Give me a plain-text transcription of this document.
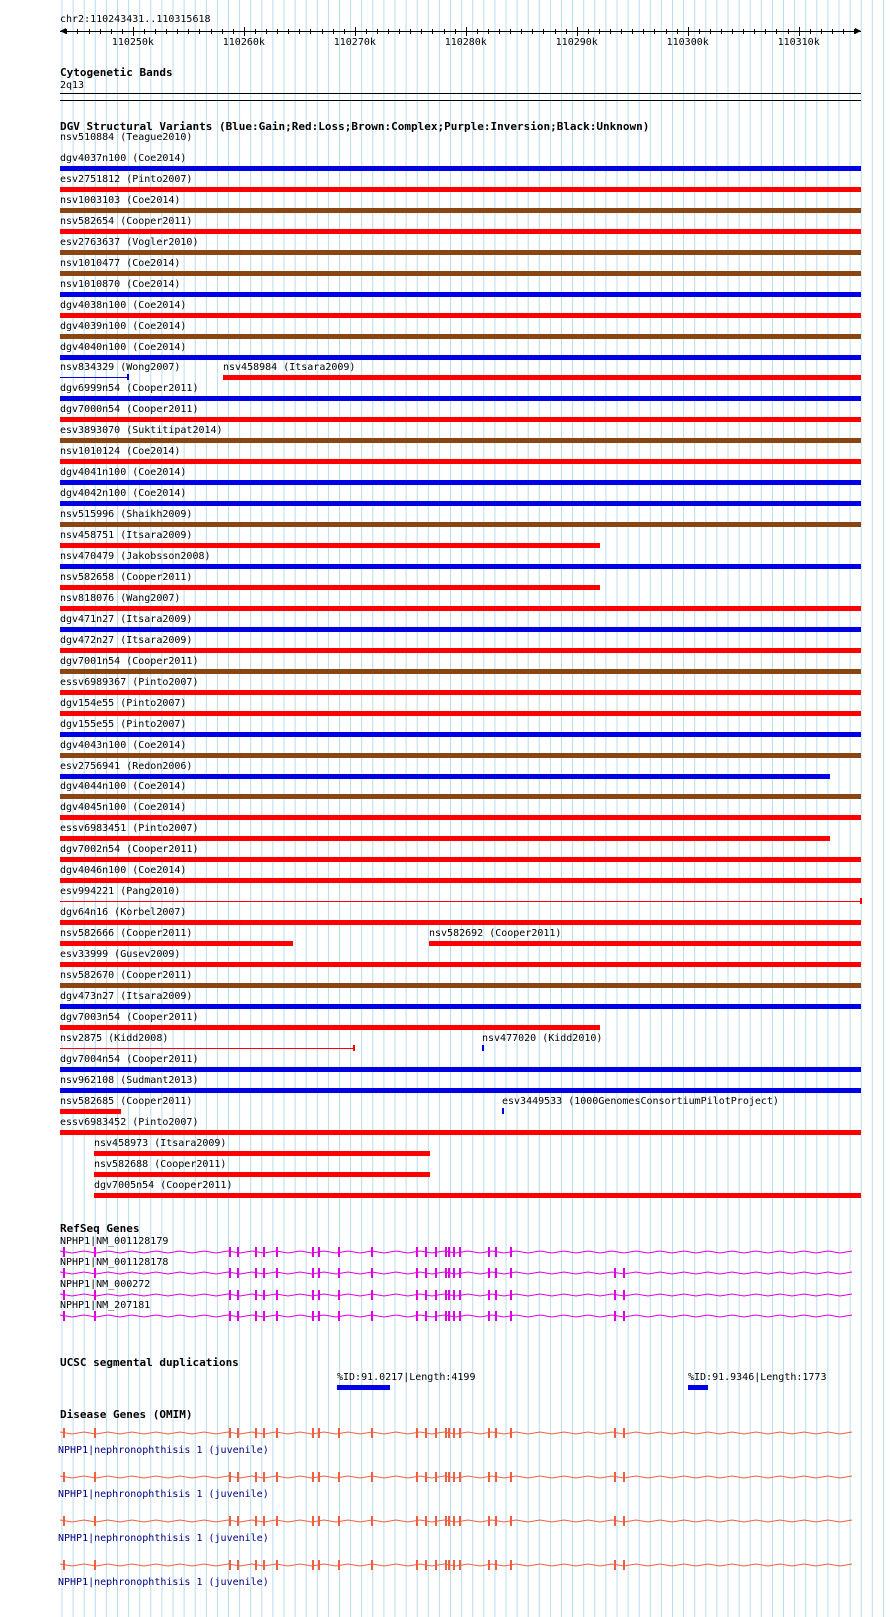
chr2:110243431..110315618
110250k	110260k	110270k	110280k	110290k	110300k	110310k
Cytogenetic Bands
2q13
DGV Structural Variants (Blue:Gain;Red:Loss;Brown:Complex;Purple:Inversion;Black:Unknown)
nsv510884 (Teague2010)
dgv4037n100 (Coe2014)
esv2751812 (Pinto2007)
nsv1003103 (Coe2014)
nsv582654 (Cooper2011)
esv2763637 (Vogler2010)
nsv1010477 (Coe2014)
nsv1010870 (Coe2014)
dgv4038n100 (Coe2014)
dgv4039n100 (Coe2014)
dgv4040n100 (Coe2014)
nsv834329 (Wong2007)	nsv458984 (Itsara2009)
dgv6999n54 (Cooper2011)
dgv7000n54 (Cooper2011)
esv3893070 (Suktitipat2014)
nsv1010124 (Coe2014)
dgv4041n100 (Coe2014)
dgv4042n100 (Coe2014)
nsv515996 (Shaikh2009)
nsv458751 (Itsara2009)
nsv470479 (Jakobsson2008)
nsv582658 (Cooper2011)
nsv818076 (Wang2007)
dgv471n27 (Itsara2009)
dgv472n27 (Itsara2009)
dgv7001n54 (Cooper2011)
essv6989367 (Pinto2007)
dgv154e55 (Pinto2007)
dgv155e55 (Pinto2007)
dgv4043n100 (Coe2014)
esv2756941 (Redon2006)
dgv4044n100 (Coe2014)
dgv4045n100 (Coe2014)
essv6983451 (Pinto2007)
dgv7002n54 (Cooper2011)
dgv4046n100 (Coe2014)
esv994221 (Pang2010)
dgv64n16 (Korbel2007)
nsv582666 (Cooper2011)	nsv582692 (Cooper2011)
esv33999 (Gusev2009)
nsv582670 (Cooper2011)
dgv473n27 (Itsara2009)
dgv7003n54 (Cooper2011)
nsv2875 (Kidd2008)	nsv477020 (Kidd2010)
dgv7004n54 (Cooper2011)
nsv962108 (Sudmant2013)
nsv582685 (Cooper2011)	esv3449533 (1000GenomesConsortiumPilotProject)
essv6983452 (Pinto2007)
nsv458973 (Itsara2009)
nsv582688 (Cooper2011)
dgv7005n54 (Cooper2011)
RefSeq Genes
NPHP1|NM_001128179
NPHP1|NM_001128178
NPHP1|NM_000272
NPHP1|NM_207181
UCSC segmental duplications
%ID:91.0217|Length:4199	%ID:91.9346|Length:1773
Disease Genes (OMIM)
NPHP1|nephronophthisis 1 (juvenile)
NPHP1|nephronophthisis 1 (juvenile)
NPHP1|nephronophthisis 1 (juvenile)
NPHP1|nephronophthisis 1 (juvenile)
